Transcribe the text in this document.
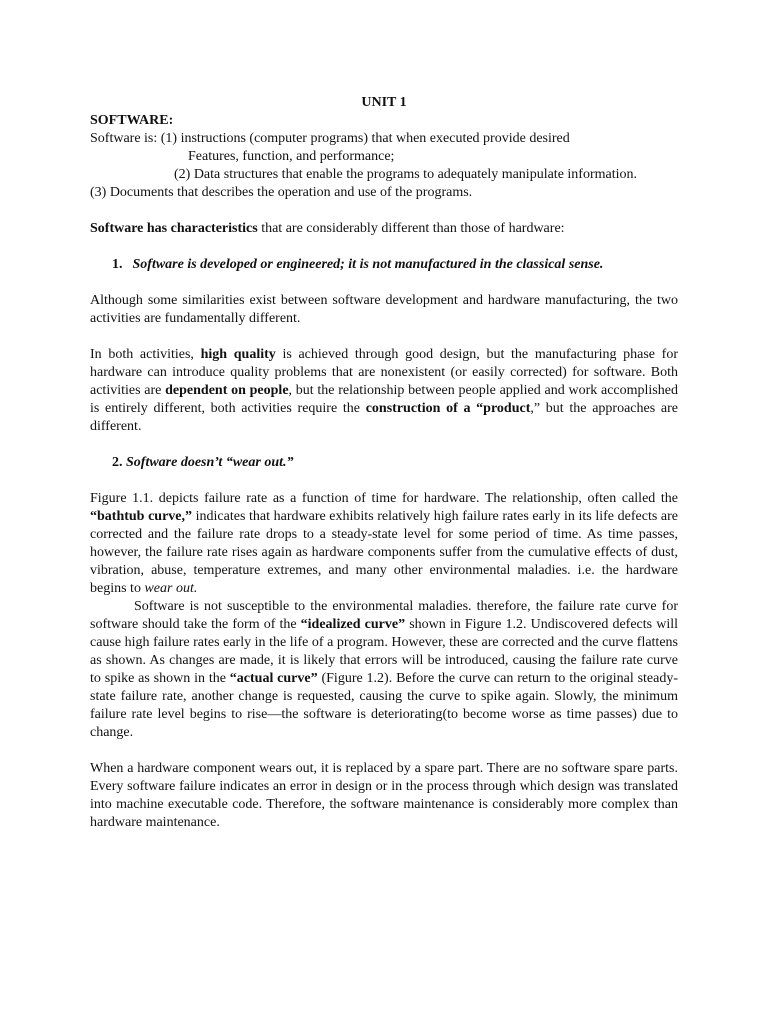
UNIT 1

SOFTWARE:

Software is: (1) instructions (computer programs) that when executed provide desired

Features, function, and performance;

(2) Data structures that enable the programs to adequately manipulate information.

(3) Documents that describes the operation and use of the programs.

Software has characteristics that are considerably different than those of hardware:

1. Software is developed or engineered; it is not manufactured in the classical sense.

Although some similarities exist between software development and hardware manufacturing, the two activities are fundamentally different.

In both activities, high quality is achieved through good design, but the manufacturing phase for hardware can introduce quality problems that are nonexistent (or easily corrected) for software. Both activities are dependent on people, but the relationship between people applied and work accomplished is entirely different, both activities require the construction of a “product,” but the approaches are different.

2. Software doesn’t “wear out.”

Figure 1.1. depicts failure rate as a function of time for hardware. The relationship, often called the “bathtub curve,” indicates that hardware exhibits relatively high failure rates early in its life defects are corrected and the failure rate drops to a steady-state level for some period of time. As time passes, however, the failure rate rises again as hardware components suffer from the cumulative effects of dust, vibration, abuse, temperature extremes, and many other environmental maladies. i.e. the hardware begins to wear out.

Software is not susceptible to the environmental maladies. therefore, the failure rate curve for software should take the form of the “idealized curve” shown in Figure 1.2. Undiscovered defects will cause high failure rates early in the life of a program. However, these are corrected and the curve flattens as shown. As changes are made, it is likely that errors will be introduced, causing the failure rate curve to spike as shown in the “actual curve” (Figure 1.2). Before the curve can return to the original steady-state failure rate, another change is requested, causing the curve to spike again. Slowly, the minimum failure rate level begins to rise—the software is deteriorating(to become worse as time passes) due to change.

When a hardware component wears out, it is replaced by a spare part. There are no software spare parts. Every software failure indicates an error in design or in the process through which design was translated into machine executable code. Therefore, the software maintenance is considerably more complex than hardware maintenance.
